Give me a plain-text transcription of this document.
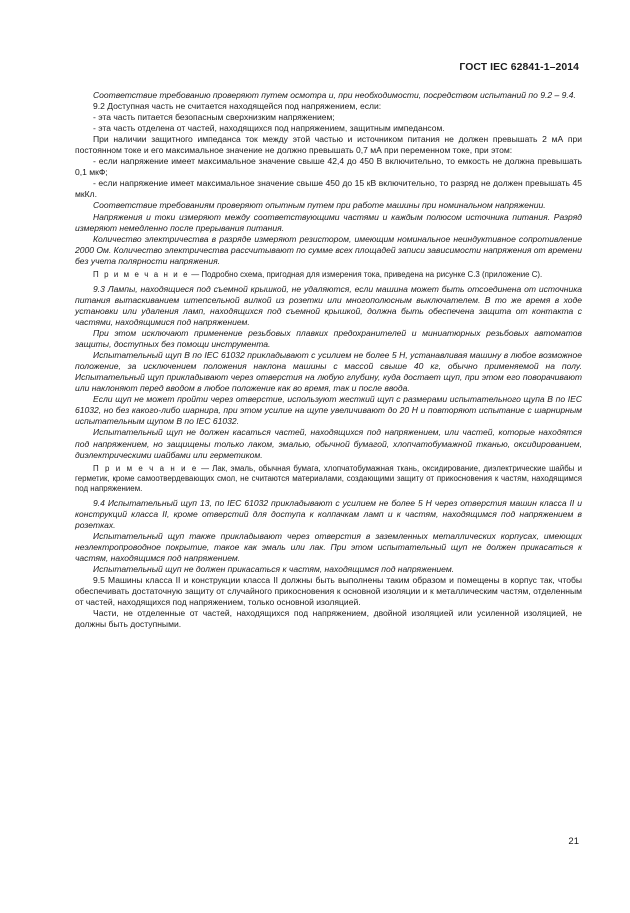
ГОСТ IEC 62841-1–2014

Соответствие требованию проверяют путем осмотра и, при необходимости, посредством испытаний по 9.2 – 9.4.

9.2 Доступная часть не считается находящейся под напряжением, если:

- эта часть питается безопасным сверхнизким напряжением;

- эта часть отделена от частей, находящихся под напряжением, защитным импедансом.

При наличии защитного импеданса ток между этой частью и источником питания не должен превышать 2 мА при постоянном токе и его максимальное значение не должно превышать 0,7 мА при переменном токе, при этом:

- если напряжение имеет максимальное значение свыше 42,4 до 450 В включительно, то емкость не должна превышать 0,1 мкФ;

- если напряжение имеет максимальное значение свыше 450 до 15 кВ включительно, то разряд не должен превышать 45 мкКл.

Соответствие требованиям проверяют опытным путем при работе машины при номинальном напряжении.

Напряжения и токи измеряют между соответствующими частями и каждым полюсом источника питания. Разряд измеряют немедленно после прерывания питания.

Количество электричества в разряде измеряют резистором, имеющим номинальное неиндуктивное сопротивление 2000 Ом. Количество электричества рассчитывают по сумме всех площадей записи зависимости напряжения от времени без учета полярности напряжения.

П р и м е ч а н и е — Подробно схема, пригодная для измерения тока, приведена на рисунке С.3 (приложение С).

9.3 Лампы, находящиеся под съемной крышкой, не удаляются, если машина может быть отсоединена от источника питания вытаскиванием штепсельной вилкой из розетки или многополюсным выключателем. В то же время в ходе установки или удаления ламп, находящихся под съемной крышкой, должна быть обеспечена защита от контакта с частями, находящимися под напряжением.

При этом исключают применение резьбовых плавких предохранителей и миниатюрных резьбовых автоматов защиты, доступных без помощи инструмента.

Испытательный щуп В по IEC 61032 прикладывают с усилием не более 5 Н, устанавливая машину в любое возможное положение, за исключением положения наклона машины с массой свыше 40 кг, обычно применяемой на полу. Испытательный щуп прикладывают через отверстия на любую глубину, куда достает щуп, при этом его поворачивают или наклоняют перед вводом в любое положение как во время, так и после ввода.

Если щуп не может пройти через отверстие, используют жесткий щуп с размерами испытательного щупа В по IEC 61032, но без какого-либо шарнира, при этом усилие на щупе увеличивают до 20 Н и повторяют испытание с шарнирным испытательным щупом В по IEC 61032.

Испытательный щуп не должен касаться частей, находящихся под напряжением, или частей, которые находятся под напряжением, но защищены только лаком, эмалью, обычной бумагой, хлопчатобумажной тканью, оксидированием, диэлектрическими шайбами или герметиком.

П р и м е ч а н и е — Лак, эмаль, обычная бумага, хлопчатобумажная ткань, оксидирование, диэлектрические шайбы и герметик, кроме самоотвердевающих смол, не считаются материалами, создающими защиту от прикосновения к частям, находящимся под напряжением.

9.4 Испытательный щуп 13, по IEC 61032 прикладывают с усилием не более 5 Н через отверстия машин класса II и конструкций класса II, кроме отверстий для доступа к колпачкам ламп и к частям, находящимся под напряжением в розетках.

Испытательный щуп также прикладывают через отверстия в заземленных металлических корпусах, имеющих неэлектропроводное покрытие, такое как эмаль или лак. При этом испытательный щуп не должен прикасаться к частям, находящимся под напряжением.

Испытательный щуп не должен прикасаться к частям, находящимся под напряжением.

9.5 Машины класса II и конструкции класса II должны быть выполнены таким образом и помещены в корпус так, чтобы обеспечивать достаточную защиту от случайного прикосновения к основной изоляции и к металлическим частям, отделенным от частей, находящихся под напряжением, только основной изоляцией.

Части, не отделенные от частей, находящихся под напряжением, двойной изоляцией или усиленной изоляцией, не должны быть доступными.

21
